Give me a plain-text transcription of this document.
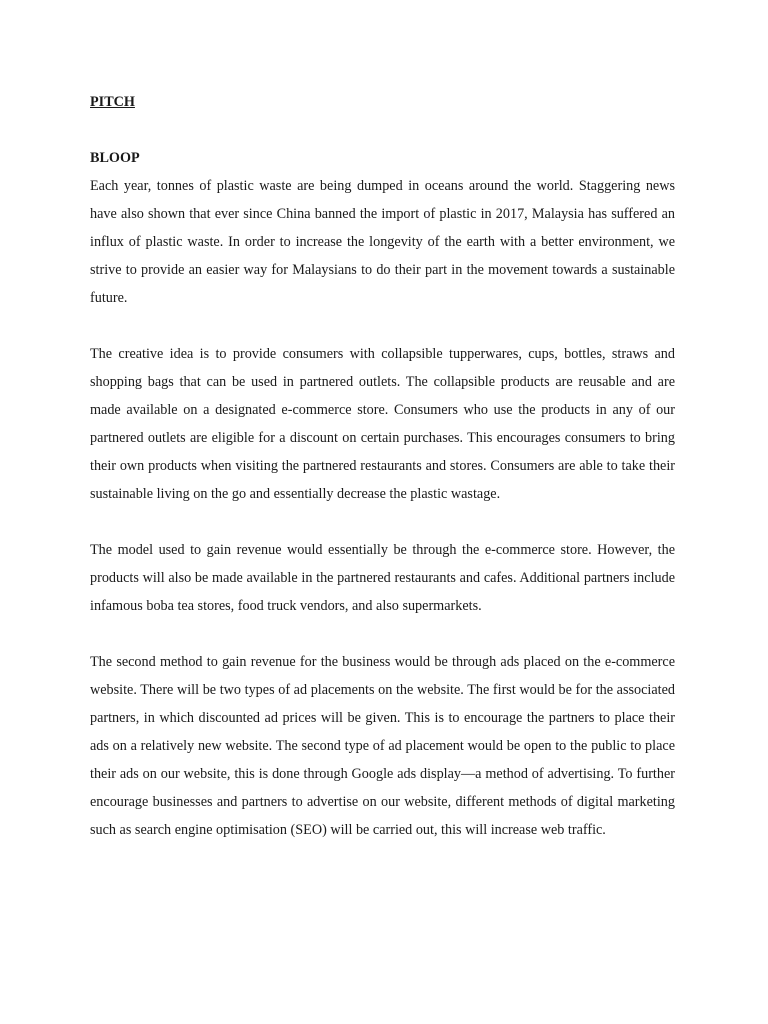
PITCH
BLOOP

Each year, tonnes of plastic waste are being dumped in oceans around the world. Staggering news have also shown that ever since China banned the import of plastic in 2017, Malaysia has suffered an influx of plastic waste. In order to increase the longevity of the earth with a better environment, we strive to provide an easier way for Malaysians to do their part in the movement towards a sustainable future.

The creative idea is to provide consumers with collapsible tupperwares, cups, bottles, straws and shopping bags that can be used in partnered outlets. The collapsible products are reusable and are made available on a designated e-commerce store. Consumers who use the products in any of our partnered outlets are eligible for a discount on certain purchases. This encourages consumers to bring their own products when visiting the partnered restaurants and stores. Consumers are able to take their sustainable living on the go and essentially decrease the plastic wastage.

The model used to gain revenue would essentially be through the e-commerce store. However, the products will also be made available in the partnered restaurants and cafes. Additional partners include infamous boba tea stores, food truck vendors, and also supermarkets.

The second method to gain revenue for the business would be through ads placed on the e-commerce website. There will be two types of ad placements on the website. The first would be for the associated partners, in which discounted ad prices will be given. This is to encourage the partners to place their ads on a relatively new website. The second type of ad placement would be open to the public to place their ads on our website, this is done through Google ads display—a method of advertising. To further encourage businesses and partners to advertise on our website, different methods of digital marketing such as search engine optimisation (SEO) will be carried out, this will increase web traffic.
